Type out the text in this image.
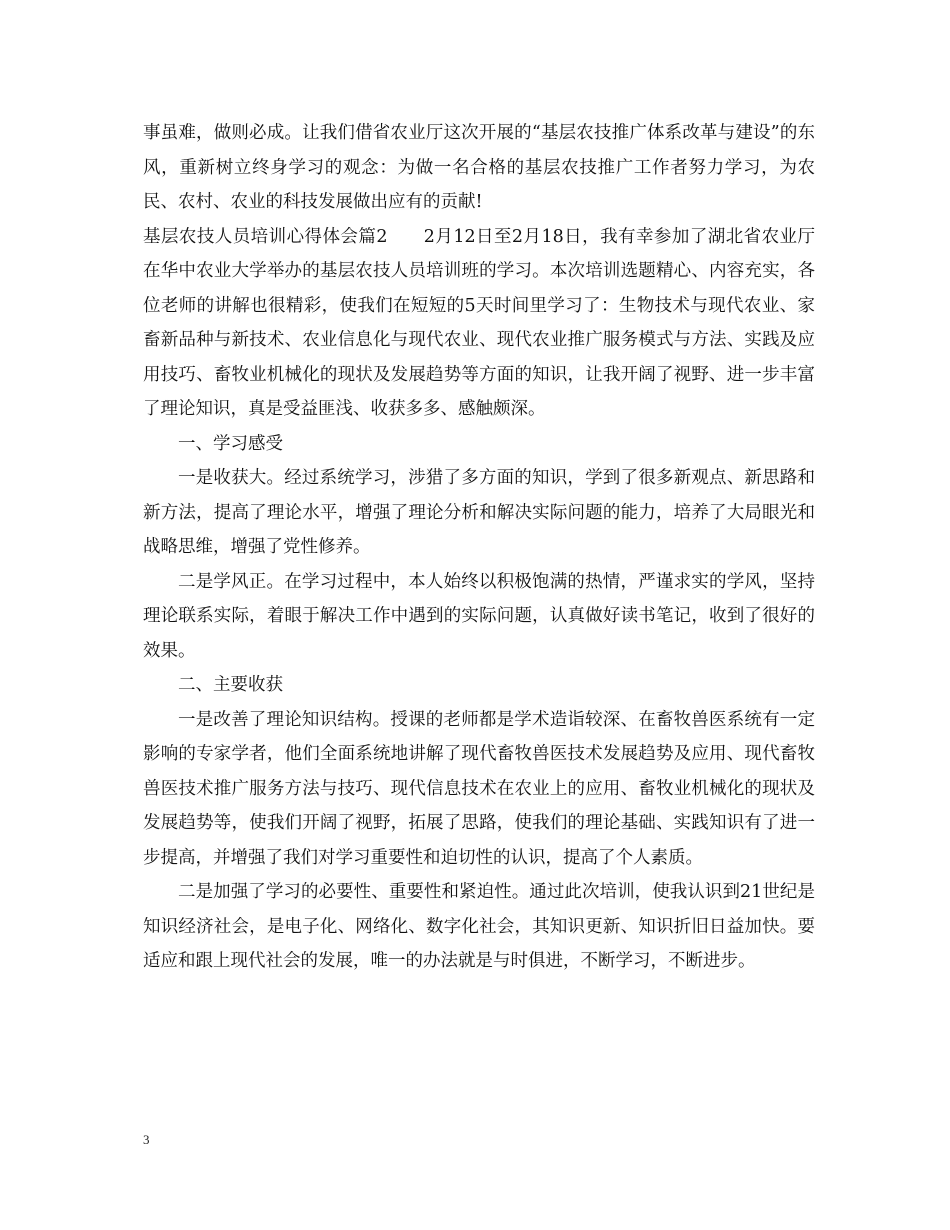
事虽难，做则必成。让我们借省农业厅这次开展的“基层农技推广体系改革与建设”的东风，重新树立终身学习的观念：为做一名合格的基层农技推广工作者努力学习，为农民、农村、农业的科技发展做出应有的贡献!

基层农技人员培训心得体会篇2　　2月12日至2月18日，我有幸参加了湖北省农业厅在华中农业大学举办的基层农技人员培训班的学习。本次培训选题精心、内容充实，各位老师的讲解也很精彩，使我们在短短的5天时间里学习了：生物技术与现代农业、家畜新品种与新技术、农业信息化与现代农业、现代农业推广服务模式与方法、实践及应用技巧、畜牧业机械化的现状及发展趋势等方面的知识，让我开阔了视野、进一步丰富了理论知识，真是受益匪浅、收获多多、感触颇深。

一、学习感受

一是收获大。经过系统学习，涉猎了多方面的知识，学到了很多新观点、新思路和新方法，提高了理论水平，增强了理论分析和解决实际问题的能力，培养了大局眼光和战略思维，增强了党性修养。

二是学风正。在学习过程中，本人始终以积极饱满的热情，严谨求实的学风，坚持理论联系实际，着眼于解决工作中遇到的实际问题，认真做好读书笔记，收到了很好的效果。

二、主要收获

一是改善了理论知识结构。授课的老师都是学术造诣较深、在畜牧兽医系统有一定影响的专家学者，他们全面系统地讲解了现代畜牧兽医技术发展趋势及应用、现代畜牧兽医技术推广服务方法与技巧、现代信息技术在农业上的应用、畜牧业机械化的现状及发展趋势等，使我们开阔了视野，拓展了思路，使我们的理论基础、实践知识有了进一步提高，并增强了我们对学习重要性和迫切性的认识，提高了个人素质。

二是加强了学习的必要性、重要性和紧迫性。通过此次培训，使我认识到21世纪是知识经济社会，是电子化、网络化、数字化社会，其知识更新、知识折旧日益加快。要适应和跟上现代社会的发展，唯一的办法就是与时俱进，不断学习，不断进步。

3
